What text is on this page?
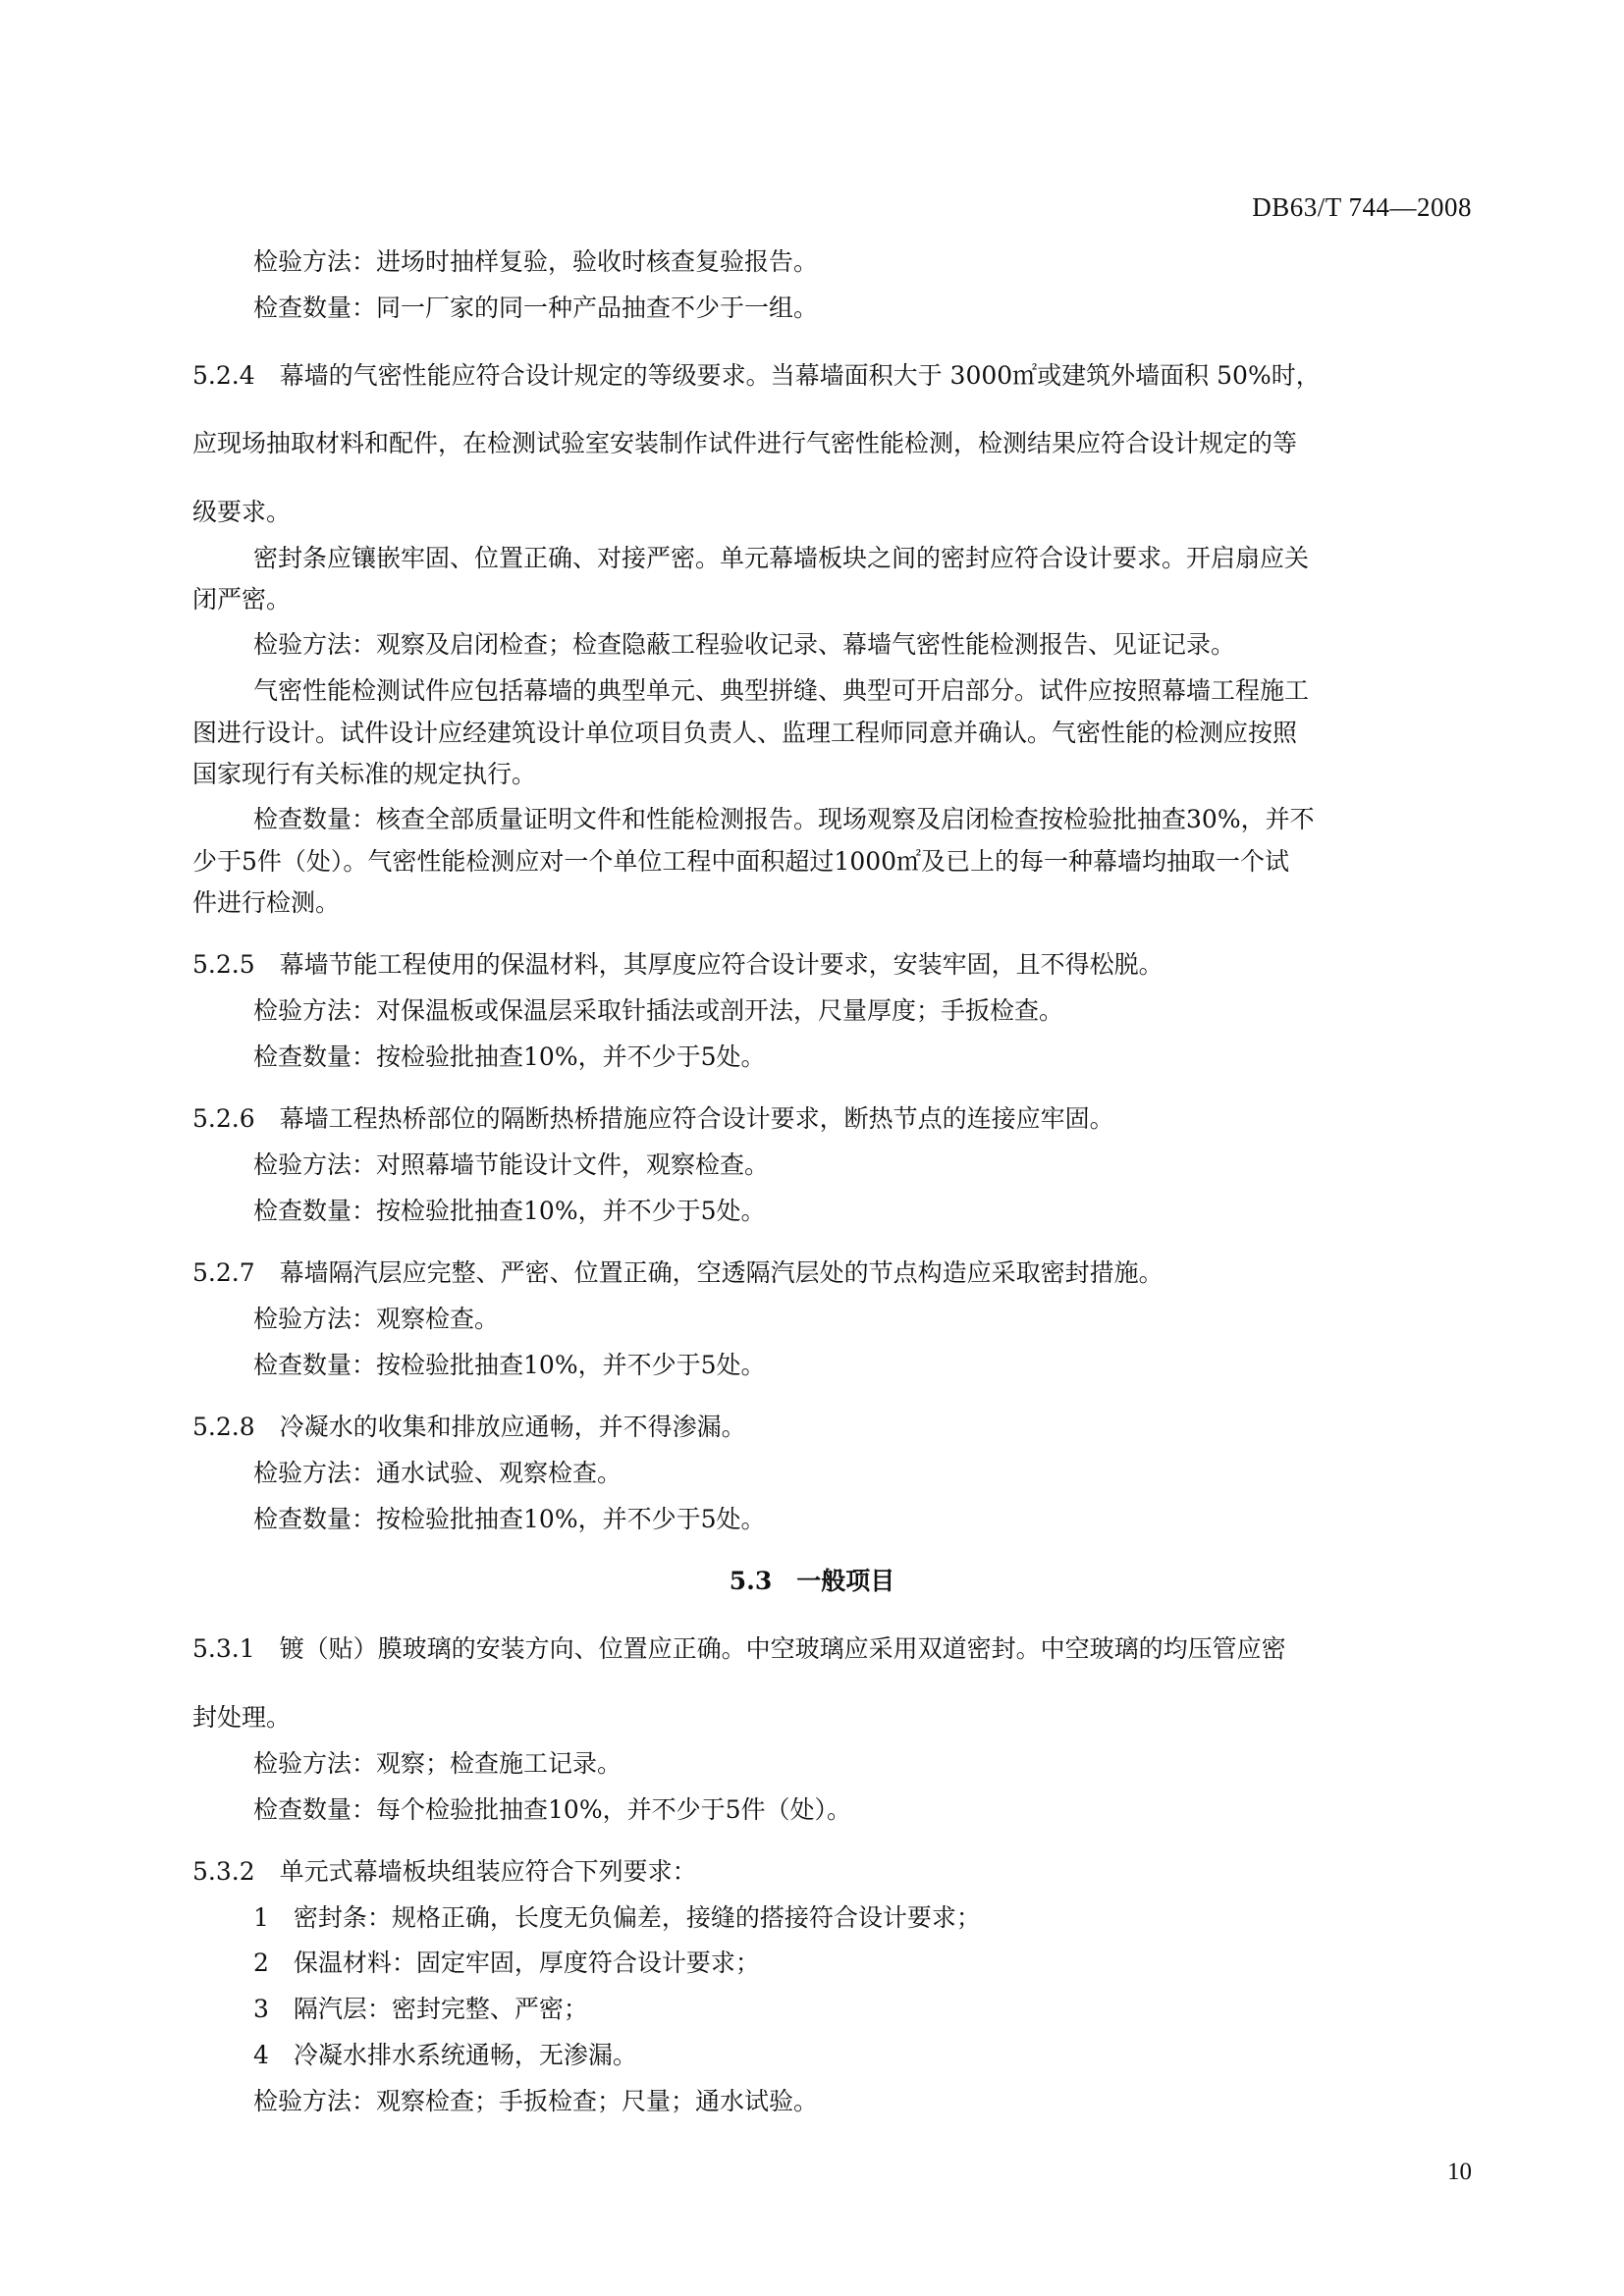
DB63/T 744—2008
检验方法：进场时抽样复验，验收时核查复验报告。
检查数量：同一厂家的同一种产品抽查不少于一组。
5.2.4　幕墙的气密性能应符合设计规定的等级要求。当幕墙面积大于 3000㎡或建筑外墙面积 50%时，
应现场抽取材料和配件，在检测试验室安装制作试件进行气密性能检测，检测结果应符合设计规定的等
级要求。
密封条应镶嵌牢固、位置正确、对接严密。单元幕墙板块之间的密封应符合设计要求。开启扇应关
闭严密。
检验方法：观察及启闭检查；检查隐蔽工程验收记录、幕墙气密性能检测报告、见证记录。
气密性能检测试件应包括幕墙的典型单元、典型拼缝、典型可开启部分。试件应按照幕墙工程施工
图进行设计。试件设计应经建筑设计单位项目负责人、监理工程师同意并确认。气密性能的检测应按照
国家现行有关标准的规定执行。
检查数量：核查全部质量证明文件和性能检测报告。现场观察及启闭检查按检验批抽查30%，并不
少于5件（处）。气密性能检测应对一个单位工程中面积超过1000㎡及已上的每一种幕墙均抽取一个试
件进行检测。
5.2.5　幕墙节能工程使用的保温材料，其厚度应符合设计要求，安装牢固，且不得松脱。
检验方法：对保温板或保温层采取针插法或剖开法，尺量厚度；手扳检查。
检查数量：按检验批抽查10%，并不少于5处。
5.2.6　幕墙工程热桥部位的隔断热桥措施应符合设计要求，断热节点的连接应牢固。
检验方法：对照幕墙节能设计文件，观察检查。
检查数量：按检验批抽查10%，并不少于5处。
5.2.7　幕墙隔汽层应完整、严密、位置正确，空透隔汽层处的节点构造应采取密封措施。
检验方法：观察检查。
检查数量：按检验批抽查10%，并不少于5处。
5.2.8　冷凝水的收集和排放应通畅，并不得渗漏。
检验方法：通水试验、观察检查。
检查数量：按检验批抽查10%，并不少于5处。
5.3　一般项目
5.3.1　镀（贴）膜玻璃的安装方向、位置应正确。中空玻璃应采用双道密封。中空玻璃的均压管应密
封处理。
检验方法：观察；检查施工记录。
检查数量：每个检验批抽查10%，并不少于5件（处）。
5.3.2　单元式幕墙板块组装应符合下列要求：
1　密封条：规格正确，长度无负偏差，接缝的搭接符合设计要求；
2　保温材料：固定牢固，厚度符合设计要求；
3　隔汽层：密封完整、严密；
4　冷凝水排水系统通畅，无渗漏。
检验方法：观察检查；手扳检查；尺量；通水试验。
10
